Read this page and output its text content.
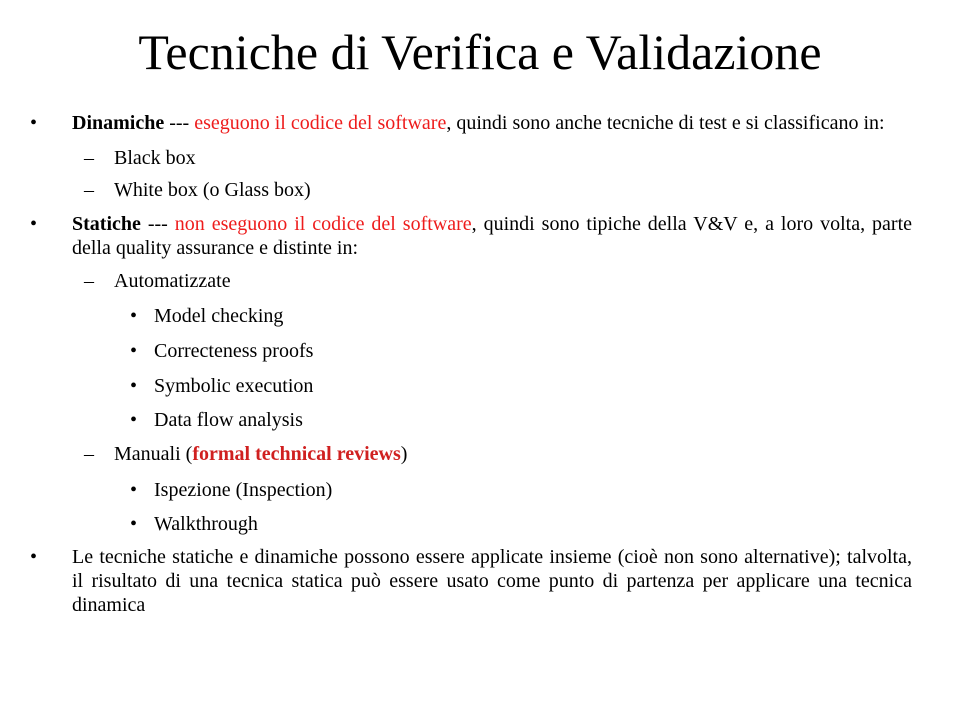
Tecniche di Verifica e Validazione
• Dinamiche --- eseguono il codice del software, quindi sono anche tecniche di test e si classificano in:
– Black box
– White box (o Glass box)
• Statiche --- non eseguono il codice del software, quindi sono tipiche della V&V e, a loro volta, parte della quality assurance e distinte in:
– Automatizzate
• Model checking
• Correcteness proofs
• Symbolic execution
• Data flow analysis
– Manuali (formal technical reviews)
• Ispezione (Inspection)
• Walkthrough
• Le tecniche statiche e dinamiche possono essere applicate insieme (cioè non sono alternative); talvolta, il risultato di una tecnica statica può essere usato come punto di partenza per applicare una tecnica dinamica
